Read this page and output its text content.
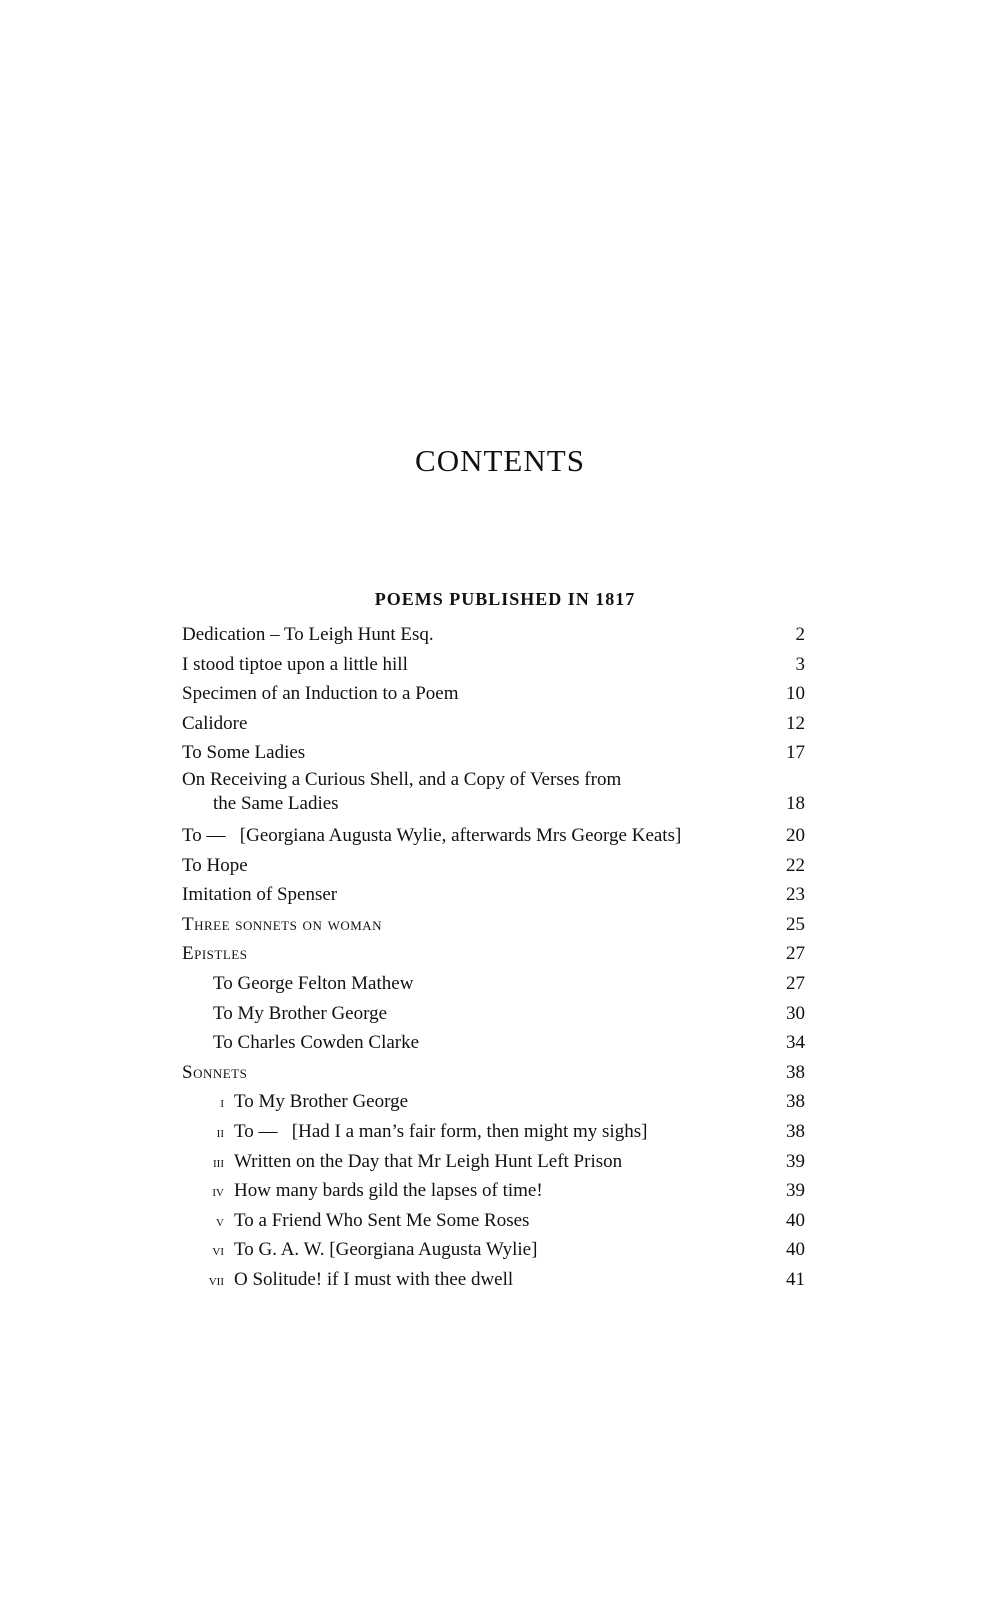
CONTENTS
POEMS PUBLISHED IN 1817
Dedication – To Leigh Hunt Esq.	2
I stood tiptoe upon a little hill	3
Specimen of an Induction to a Poem	10
Calidore	12
To Some Ladies	17
On Receiving a Curious Shell, and a Copy of Verses from
the Same Ladies	18
To —   [Georgiana Augusta Wylie, afterwards Mrs George Keats]	20
To Hope	22
Imitation of Spenser	23
Three sonnets on woman	25
Epistles	27
To George Felton Mathew	27
To My Brother George	30
To Charles Cowden Clarke	34
Sonnets	38
i To My Brother George	38
ii To —   [Had I a man’s fair form, then might my sighs]	38
iii Written on the Day that Mr Leigh Hunt Left Prison	39
iv How many bards gild the lapses of time!	39
v To a Friend Who Sent Me Some Roses	40
vi To G. A. W. [Georgiana Augusta Wylie]	40
vii O Solitude! if I must with thee dwell	41
